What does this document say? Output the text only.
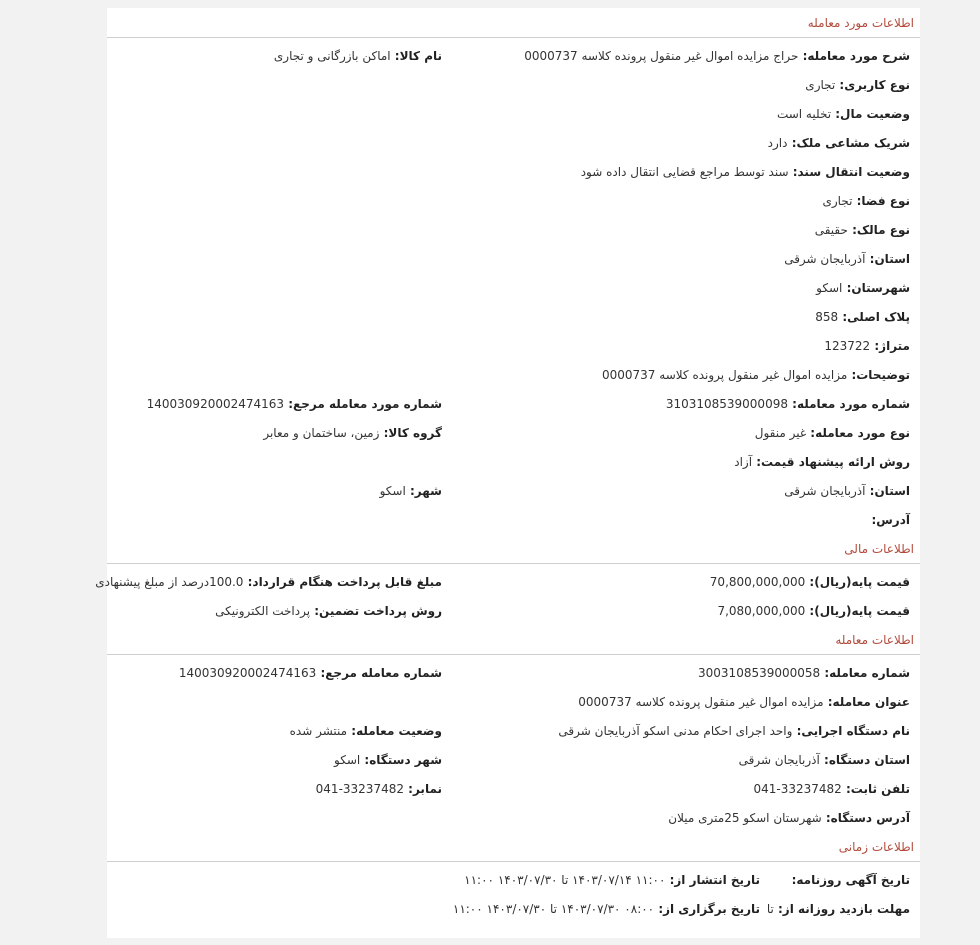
اطلاعات مورد معامله
شرح مورد معامله:حراج مزایده اموال غیر منقول پرونده کلاسه 0000737
نام کالا:اماکن بازرگانی و تجاری
نوع کاربری:تجاری
وضعیت مال:تخلیه است
شریک مشاعی ملک:دارد
وضعیت انتقال سند:سند توسط مراجع قضایی انتقال داده شود
نوع فضا:تجاری
نوع مالک:حقیقی
استان:آذربایجان شرقی
شهرستان:اسکو
پلاک اصلی:858
متراژ:123722
توضیحات:مزایده اموال غیر منقول پرونده کلاسه 0000737
شماره مورد معامله:3103108539000098
شماره مورد معامله مرجع:140030920002474163
نوع مورد معامله:غیر منقول
گروه کالا:زمین، ساختمان و معابر
روش ارائه پیشنهاد قیمت:آزاد
استان:آذربایجان شرقی
شهر:اسکو
آدرس:
اطلاعات مالی
قیمت پایه(ریال):70,800,000,000
مبلغ قابل پرداخت هنگام قرارداد:100.0درصد از مبلغ پیشنهادی
قیمت پایه(ریال):7,080,000,000
روش پرداخت تضمین:پرداخت الکترونیکی
اطلاعات معامله
شماره معامله:3003108539000058
شماره معامله مرجع:140030920002474163
عنوان معامله:مزایده اموال غیر منقول پرونده کلاسه 0000737
نام دستگاه اجرایی:واحد اجرای احکام مدنی اسکو آذربایجان شرقی
وضعیت معامله:منتشر شده
استان دستگاه:آذربایجان شرقی
شهر دستگاه:اسکو
تلفن ثابت:33237482-041
نمابر:33237482-041
آدرس دستگاه:شهرستان اسکو 25متری میلان
اطلاعات زمانی
تاریخ آگهی روزنامه:
تاریخ انتشار از:۱۱:۰۰ ۱۴۰۳/۰۷/۱۴ تا ۱۴۰۳/۰۷/۳۰ ۱۱:۰۰
مهلت بازدید روزانه از:تا
تاریخ برگزاری از:۰۸:۰۰ ۱۴۰۳/۰۷/۳۰ تا ۱۴۰۳/۰۷/۳۰ ۱۱:۰۰
